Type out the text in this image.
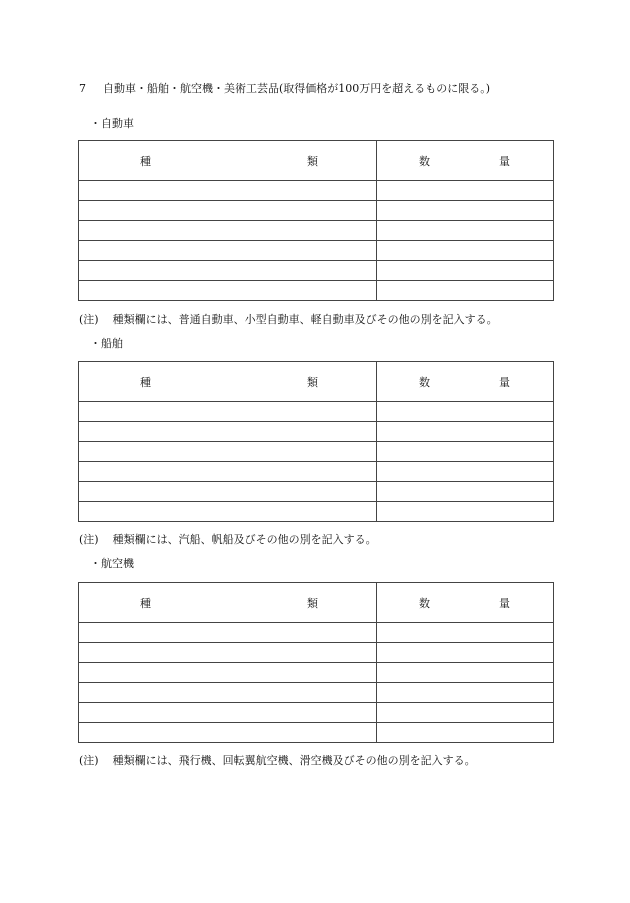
7 自動車・船舶・航空機・美術工芸品(取得価格が100万円を超えるものに限る。)
・自動車
種 類	数 量

(注) 種類欄には、普通自動車、小型自動車、軽自動車及びその他の別を記入する。
・船舶
種 類	数 量

(注) 種類欄には、汽船、帆船及びその他の別を記入する。
・航空機
種 類	数 量

(注) 種類欄には、飛行機、回転翼航空機、滑空機及びその他の別を記入する。
